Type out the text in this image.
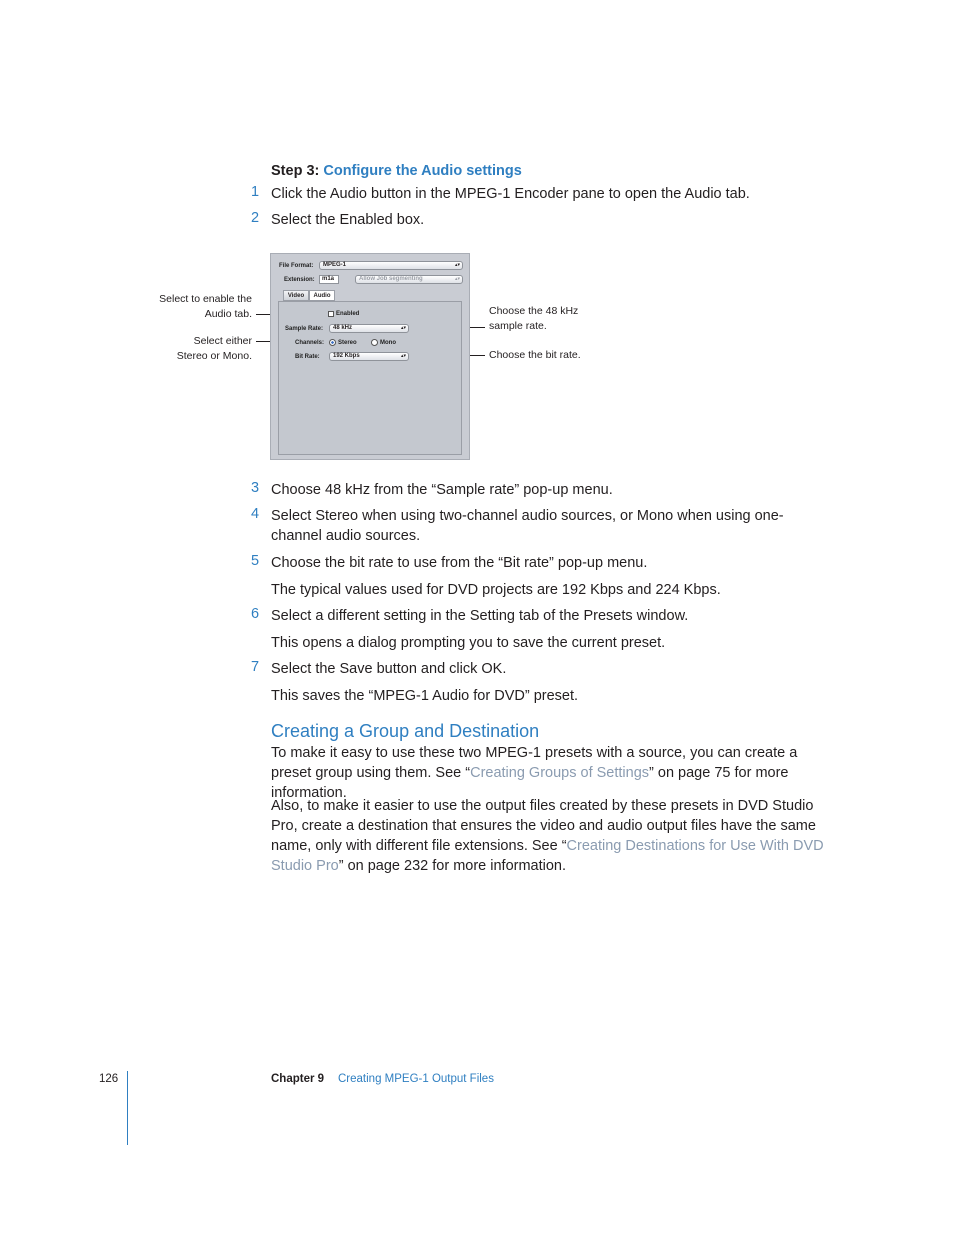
Step 3: Configure the Audio settings
1 Click the Audio button in the MPEG-1 Encoder pane to open the Audio tab.
2 Select the Enabled box.
Select to enable the Audio tab.
Select either Stereo or Mono.
Choose the 48 kHz sample rate.
Choose the bit rate.
File Format:	MPEG-1	▴▾
Extension:	m1a	Allow Job segmenting	▴▾
Video	Audio
Enabled
Sample Rate:	48 kHz	▴▾
Channels: Stereo	Mono
Bit Rate:	192 Kbps	▴▾
3 Choose 48 kHz from the “Sample rate” pop-up menu.
4 Select Stereo when using two-channel audio sources, or Mono when using one-channel audio sources.
5 Choose the bit rate to use from the “Bit rate” pop-up menu.
The typical values used for DVD projects are 192 Kbps and 224 Kbps.
6 Select a different setting in the Setting tab of the Presets window.
This opens a dialog prompting you to save the current preset.
7 Select the Save button and click OK.
This saves the “MPEG-1 Audio for DVD” preset.
Creating a Group and Destination
To make it easy to use these two MPEG-1 presets with a source, you can create a preset group using them. See “Creating Groups of Settings” on page 75 for more information.
Also, to make it easier to use the output files created by these presets in DVD Studio Pro, create a destination that ensures the video and audio output files have the same name, only with different file extensions. See “Creating Destinations for Use With DVD Studio Pro” on page 232 for more information.
126	Chapter 9 Creating MPEG-1 Output Files
